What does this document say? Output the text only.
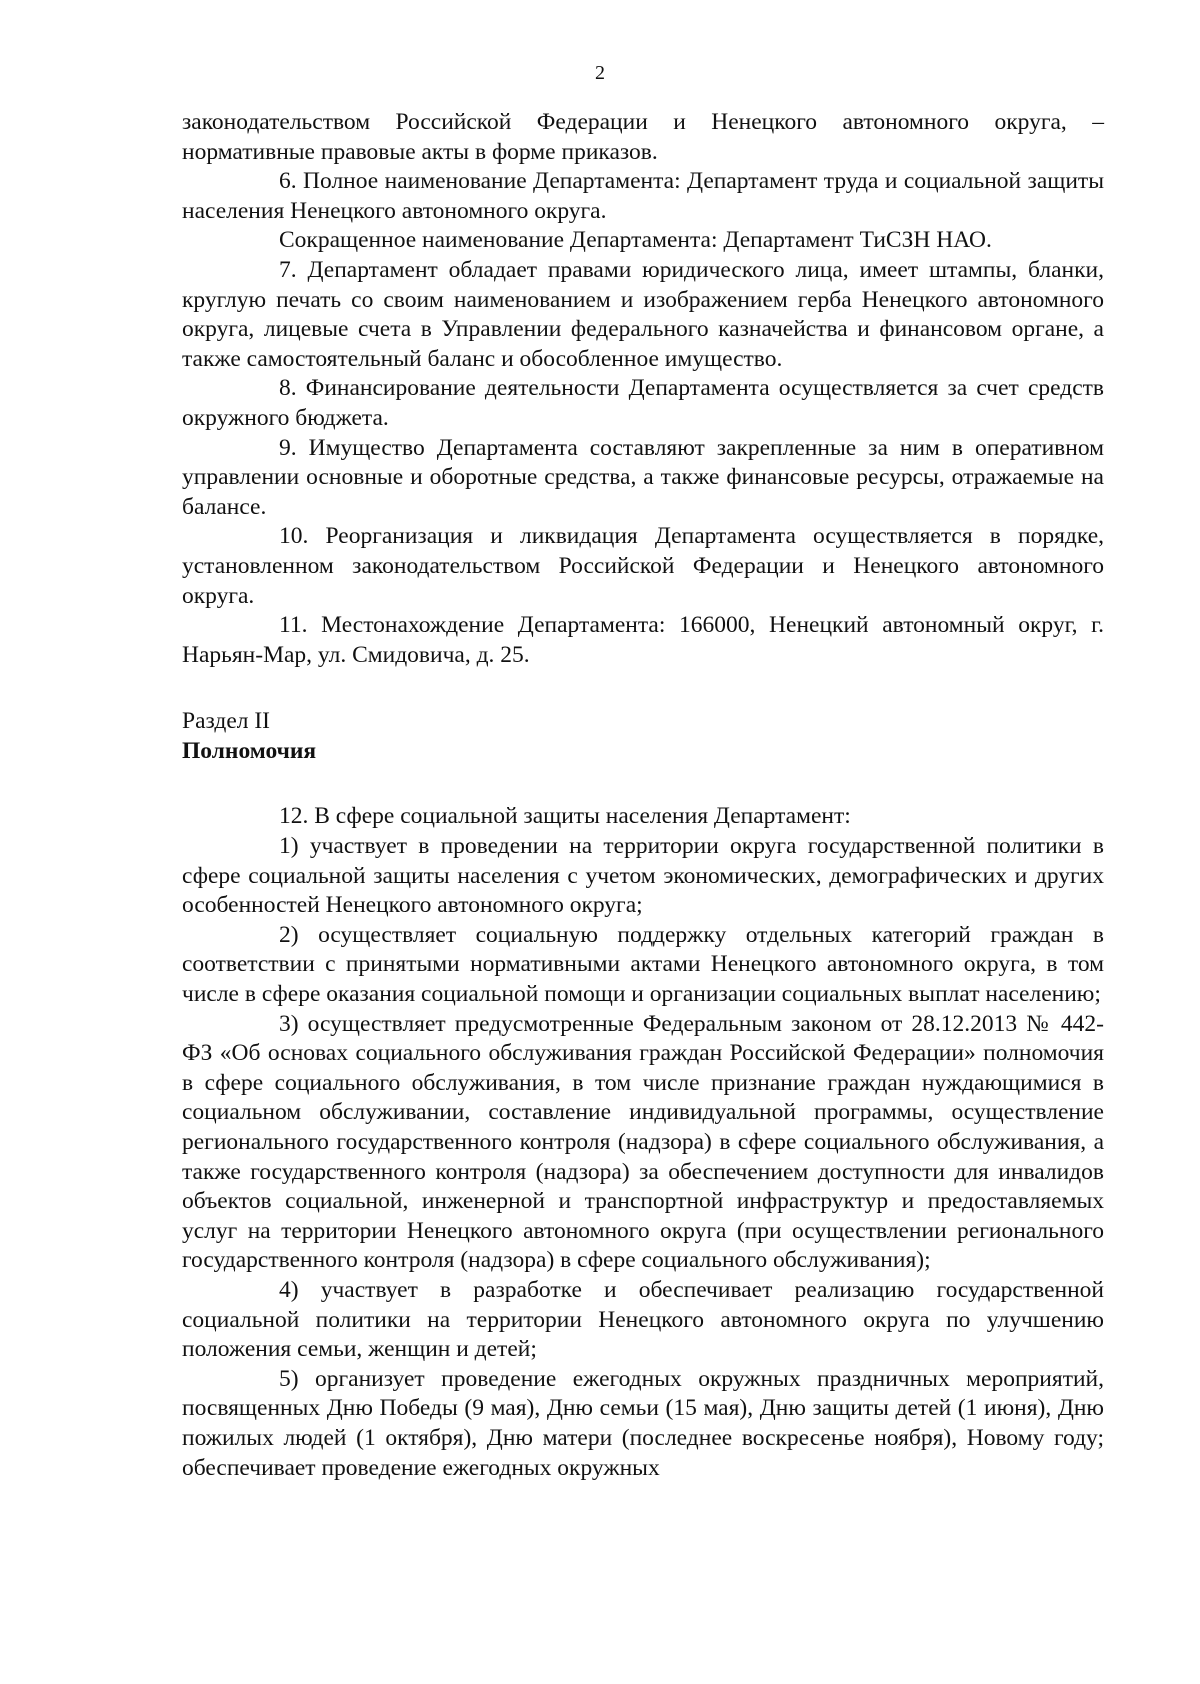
2

законодательством Российской Федерации и Ненецкого автономного округа, – нормативные правовые акты в форме приказов.

6. Полное наименование Департамента: Департамент труда и социальной защиты населения Ненецкого автономного округа.

Сокращенное наименование Департамента: Департамент ТиСЗН НАО.

7. Департамент обладает правами юридического лица, имеет штампы, бланки, круглую печать со своим наименованием и изображением герба Ненецкого автономного округа, лицевые счета в Управлении федерального казначейства и финансовом органе, а также самостоятельный баланс и обособленное имущество.

8. Финансирование деятельности Департамента осуществляется за счет средств окружного бюджета.

9. Имущество Департамента составляют закрепленные за ним в оперативном управлении основные и оборотные средства, а также финансовые ресурсы, отражаемые на балансе.

10. Реорганизация и ликвидация Департамента осуществляется в порядке, установленном законодательством Российской Федерации и Ненецкого автономного округа.

11. Местонахождение Департамента: 166000, Ненецкий автономный округ, г. Нарьян-Мар, ул. Смидовича, д. 25.

Раздел II

Полномочия

12. В сфере социальной защиты населения Департамент:

1) участвует в проведении на территории округа государственной политики в сфере социальной защиты населения с учетом экономических, демографических и других особенностей Ненецкого автономного округа;

2) осуществляет социальную поддержку отдельных категорий граждан в соответствии с принятыми нормативными актами Ненецкого автономного округа, в том числе в сфере оказания социальной помощи и организации социальных выплат населению;

3) осуществляет предусмотренные Федеральным законом от 28.12.2013 № 442-ФЗ «Об основах социального обслуживания граждан Российской Федерации» полномочия в сфере социального обслуживания, в том числе признание граждан нуждающимися в социальном обслуживании, составление индивидуальной программы, осуществление регионального государственного контроля (надзора) в сфере социального обслуживания, а также государственного контроля (надзора) за обеспечением доступности для инвалидов объектов социальной, инженерной и транспортной инфраструктур и предоставляемых услуг на территории Ненецкого автономного округа (при осуществлении регионального государственного контроля (надзора) в сфере социального обслуживания);

4) участвует в разработке и обеспечивает реализацию государственной социальной политики на территории Ненецкого автономного округа по улучшению положения семьи, женщин и детей;

5) организует проведение ежегодных окружных праздничных мероприятий, посвященных Дню Победы (9 мая), Дню семьи (15 мая), Дню защиты детей (1 июня), Дню пожилых людей (1 октября), Дню матери (последнее воскресенье ноября), Новому году; обеспечивает проведение ежегодных окружных
